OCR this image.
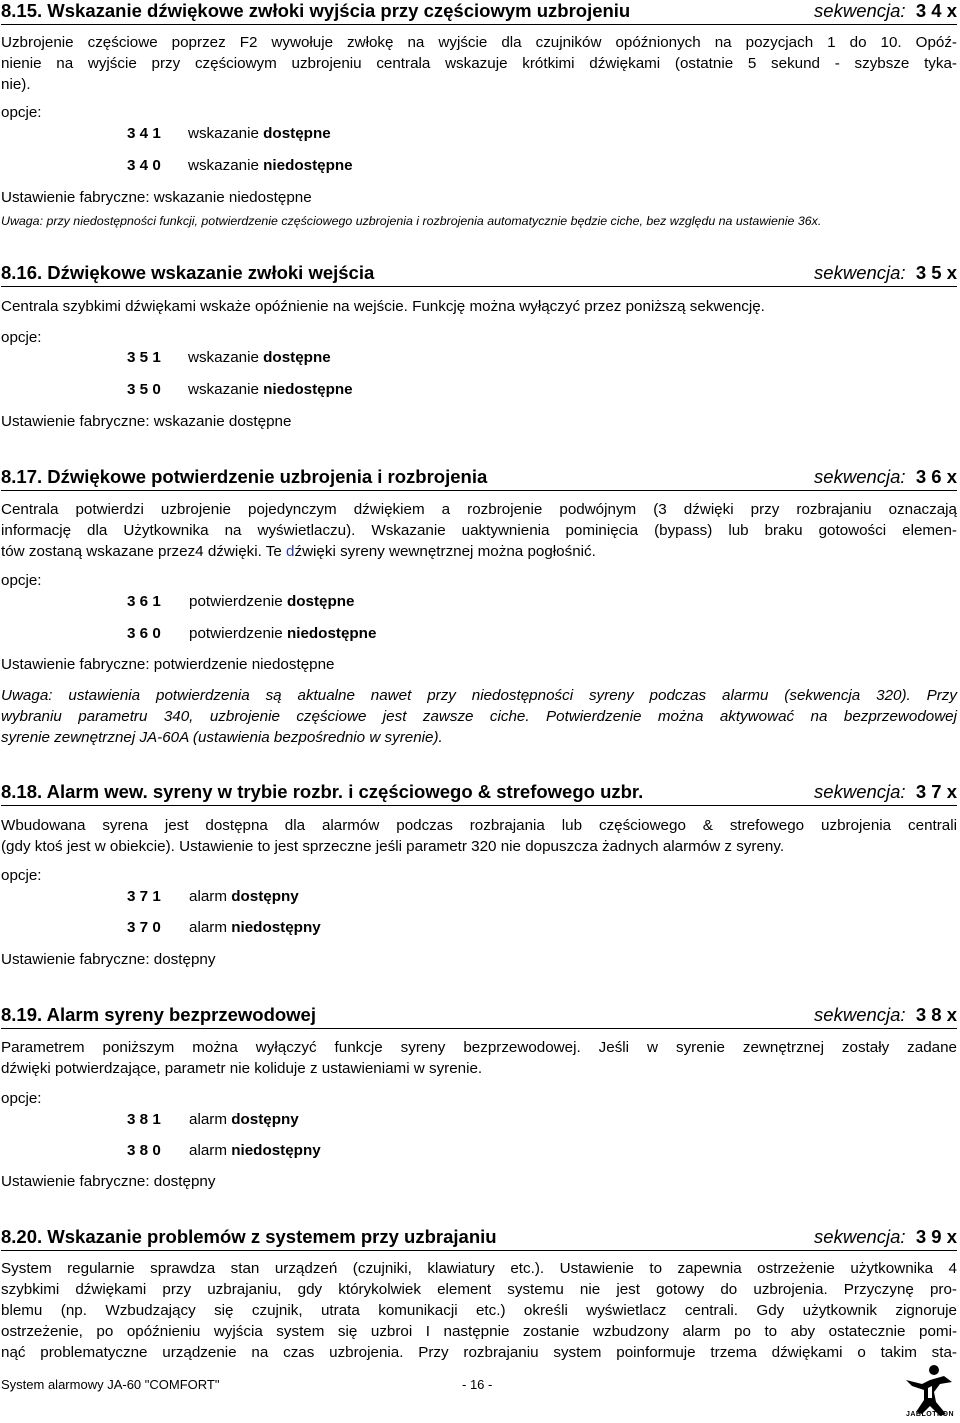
8.15. Wskazanie dźwiękowe zwłoki wyjścia przy częściowym uzbrojeniu	sekwencja: 3 4 x
Uzbrojenie częściowe poprzez F2 wywołuje zwłokę na wyjście dla czujników opóźnionych na pozycjach 1 do 10. Opóź-
nienie na wyjście przy częściowym uzbrojeniu centrala wskazuje krótkimi dźwiękami (ostatnie 5 sekund - szybsze tyka-
nie).
opcje:
3 4 1 wskazanie dostępne
3 4 0 wskazanie niedostępne
Ustawienie fabryczne: wskazanie niedostępne
Uwaga: przy niedostępności funkcji, potwierdzenie częściowego uzbrojenia i rozbrojenia automatycznie będzie ciche, bez względu na ustawienie 36x.
8.16. Dźwiękowe wskazanie zwłoki wejścia	sekwencja: 3 5 x
Centrala szybkimi dźwiękami wskaże opóźnienie na wejście. Funkcję można wyłączyć przez poniższą sekwencję.
opcje:
3 5 1 wskazanie dostępne
3 5 0 wskazanie niedostępne
Ustawienie fabryczne: wskazanie dostępne
8.17. Dźwiękowe potwierdzenie uzbrojenia i rozbrojenia	sekwencja: 3 6 x
Centrala potwierdzi uzbrojenie pojedynczym dźwiękiem a rozbrojenie podwójnym (3 dźwięki przy rozbrajaniu oznaczają
informację dla Użytkownika na wyświetlaczu). Wskazanie uaktywnienia pominięcia (bypass) lub braku gotowości elemen-
tów zostaną wskazane przez4 dźwięki. Te dźwięki syreny wewnętrznej można pogłośnić.
opcje:
3 6 1 potwierdzenie dostępne
3 6 0 potwierdzenie niedostępne
Ustawienie fabryczne: potwierdzenie niedostępne
Uwaga: ustawienia potwierdzenia są aktualne nawet przy niedostępności syreny podczas alarmu (sekwencja 320). Przy
wybraniu parametru 340, uzbrojenie częściowe jest zawsze ciche. Potwierdzenie można aktywować na bezprzewodowej
syrenie zewnętrznej JA-60A (ustawienia bezpośrednio w syrenie).
8.18. Alarm wew. syreny w trybie rozbr. i częściowego & strefowego uzbr.	sekwencja: 3 7 x
Wbudowana syrena jest dostępna dla alarmów podczas rozbrajania lub częściowego & strefowego uzbrojenia centrali
(gdy ktoś jest w obiekcie). Ustawienie to jest sprzeczne jeśli parametr 320 nie dopuszcza żadnych alarmów z syreny.
opcje:
3 7 1 alarm dostępny
3 7 0 alarm niedostępny
Ustawienie fabryczne: dostępny
8.19. Alarm syreny bezprzewodowej	sekwencja: 3 8 x
Parametrem poniższym można wyłączyć funkcje syreny bezprzewodowej. Jeśli w syrenie zewnętrznej zostały zadane
dźwięki potwierdzające, parametr nie koliduje z ustawieniami w syrenie.
opcje:
3 8 1 alarm dostępny
3 8 0 alarm niedostępny
Ustawienie fabryczne: dostępny
8.20. Wskazanie problemów z systemem przy uzbrajaniu	sekwencja: 3 9 x
System regularnie sprawdza stan urządzeń (czujniki, klawiatury etc.). Ustawienie to zapewnia ostrzeżenie użytkownika 4
szybkimi dźwiękami przy uzbrajaniu, gdy którykolwiek element systemu nie jest gotowy do uzbrojenia. Przyczynę pro-
blemu (np. Wzbudzający się czujnik, utrata komunikacji etc.) określi wyświetlacz centrali. Gdy użytkownik zignoruje
ostrzeżenie, po opóźnieniu wyjścia system się uzbroi I następnie zostanie wzbudzony alarm po to aby ostatecznie pomi-
nąć problematyczne urządzenie na czas uzbrojenia. Przy rozbrajaniu system poinformuje trzema dźwiękami o takim sta-
System alarmowy JA-60 "COMFORT"	- 16 -
JABLOTRON
